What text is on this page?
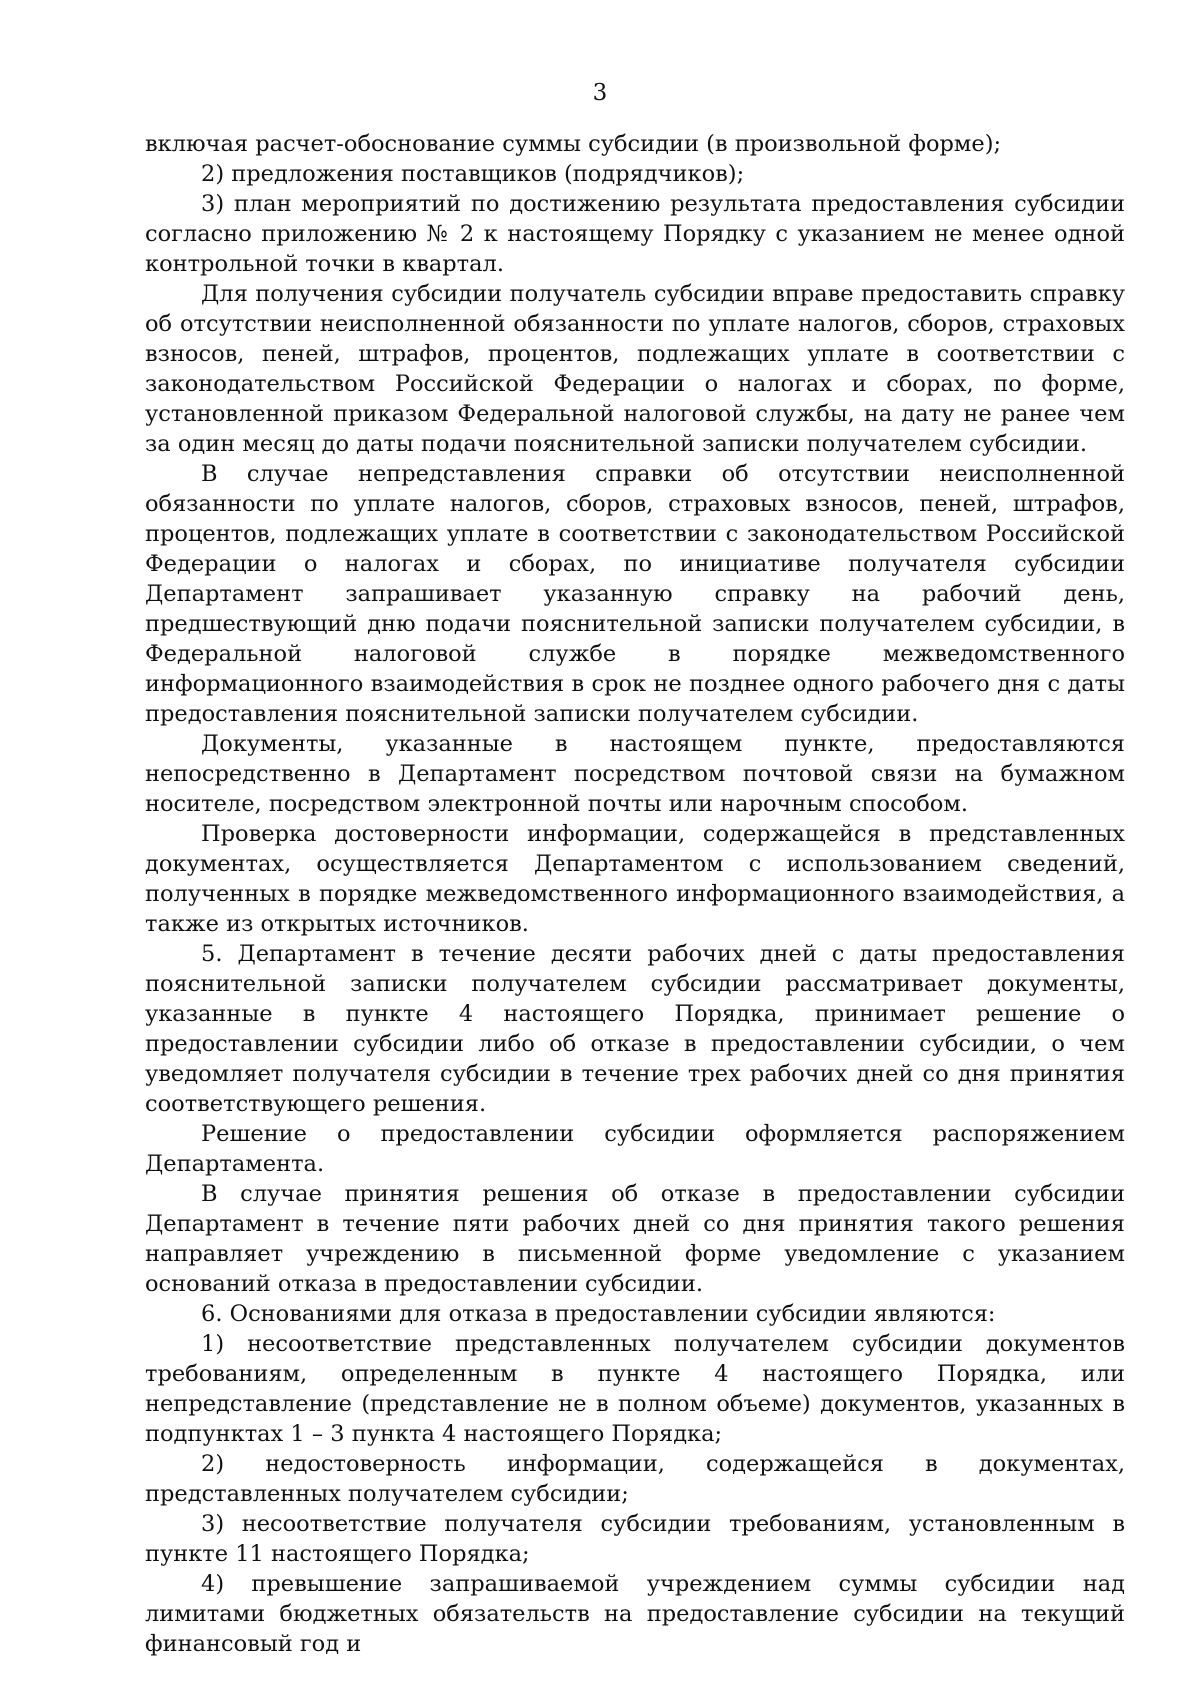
3

включая расчет-обоснование суммы субсидии (в произвольной форме);

2) предложения поставщиков (подрядчиков);

3) план мероприятий по достижению результата предоставления субсидии согласно приложению № 2 к настоящему Порядку с указанием не менее одной контрольной точки в квартал.

Для получения субсидии получатель субсидии вправе предоставить справку об отсутствии неисполненной обязанности по уплате налогов, сборов, страховых взносов, пеней, штрафов, процентов, подлежащих уплате в соответствии с законодательством Российской Федерации о налогах и сборах, по форме, установленной приказом Федеральной налоговой службы, на дату не ранее чем за один месяц до даты подачи пояснительной записки получателем субсидии.

В случае непредставления справки об отсутствии неисполненной обязанности по уплате налогов, сборов, страховых взносов, пеней, штрафов, процентов, подлежащих уплате в соответствии с законодательством Российской Федерации о налогах и сборах, по инициативе получателя субсидии Департамент запрашивает указанную справку на рабочий день, предшествующий дню подачи пояснительной записки получателем субсидии, в Федеральной налоговой службе в порядке межведомственного информационного взаимодействия в срок не позднее одного рабочего дня с даты предоставления пояснительной записки получателем субсидии.

Документы, указанные в настоящем пункте, предоставляются непосредственно в Департамент посредством почтовой связи на бумажном носителе, посредством электронной почты или нарочным способом.

Проверка достоверности информации, содержащейся в представленных документах, осуществляется Департаментом с использованием сведений, полученных в порядке межведомственного информационного взаимодействия, а также из открытых источников.

5. Департамент в течение десяти рабочих дней с даты предоставления пояснительной записки получателем субсидии рассматривает документы, указанные в пункте 4 настоящего Порядка, принимает решение о предоставлении субсидии либо об отказе в предоставлении субсидии, о чем уведомляет получателя субсидии в течение трех рабочих дней со дня принятия соответствующего решения.

Решение о предоставлении субсидии оформляется распоряжением Департамента.

В случае принятия решения об отказе в предоставлении субсидии Департамент в течение пяти рабочих дней со дня принятия такого решения направляет учреждению в письменной форме уведомление с указанием оснований отказа в предоставлении субсидии.

6. Основаниями для отказа в предоставлении субсидии являются:

1) несоответствие представленных получателем субсидии документов требованиям, определенным в пункте 4 настоящего Порядка, или непредставление (представление не в полном объеме) документов, указанных в подпунктах 1 – 3 пункта 4 настоящего Порядка;

2) недостоверность информации, содержащейся в документах, представленных получателем субсидии;

3) несоответствие получателя субсидии требованиям, установленным в пункте 11 настоящего Порядка;

4) превышение запрашиваемой учреждением суммы субсидии над лимитами бюджетных обязательств на предоставление субсидии на текущий финансовый год и
